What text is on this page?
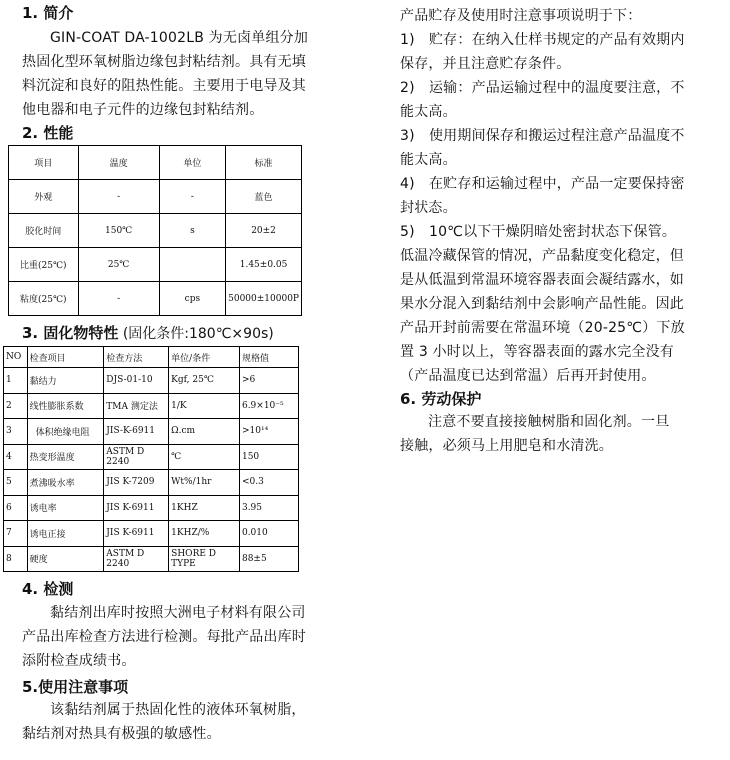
1. 简介

GIN-COAT DA-1002LB 为无卤单组分加热固化型环氧树脂边缘包封粘结剂。具有无填料沉淀和良好的阻热性能。主要用于电导及其他电器和电子元件的边缘包封粘结剂。

2. 性能
项目	温度	单位	标准
外观	-	-	蓝色
胶化时间	150℃	s	20±2
比重(25℃)	25℃		1.45±0.05
粘度(25℃)	-	cps	50000±10000P
3. 固化物特性 (固化条件:180℃×90s)
NO	检查项目	检查方法	单位/条件	规格值
1	黏结力	DJS-01-10	Kgf, 25℃	>6
2	线性膨胀系数	TMA 测定法	1/K	6.9×10⁻⁵
3	体积绝缘电阻	JIS-K-6911	Ω.cm	>10¹⁴
4	热变形温度	ASTM D 2240	℃	150
5	煮沸吸水率	JIS K-7209	Wt%/1hr	<0.3
6	诱电率	JIS K-6911	1KHZ	3.95
7	诱电正接	JIS K-6911	1KHZ/%	0.010
8	硬度	ASTM D 2240	SHORE D TYPE	88±5
4. 检测

黏结剂出库时按照大洲电子材料有限公司产品出库检查方法进行检测。每批产品出库时添附检查成绩书。

5.使用注意事项

该黏结剂属于热固化性的液体环氧树脂，黏结剂对热具有极强的敏感性。

产品贮存及使用时注意事项说明于下：

1)　贮存：在纳入仕样书规定的产品有效期内保存，并且注意贮存条件。

2)　运输：产品运输过程中的温度要注意，不能太高。

3)　使用期间保存和搬运过程注意产品温度不能太高。

4)　在贮存和运输过程中，产品一定要保持密封状态。

5)　10℃以下干燥阴暗处密封状态下保管。低温冷藏保管的情况，产品黏度变化稳定，但是从低温到常温环境容器表面会凝结露水，如果水分混入到黏结剂中会影响产品性能。因此产品开封前需要在常温环境（20-25℃）下放置 3 小时以上，等容器表面的露水完全没有（产品温度已达到常温）后再开封使用。

6. 劳动保护

注意不要直接接触树脂和固化剂。一旦接触，必须马上用肥皂和水清洗。
